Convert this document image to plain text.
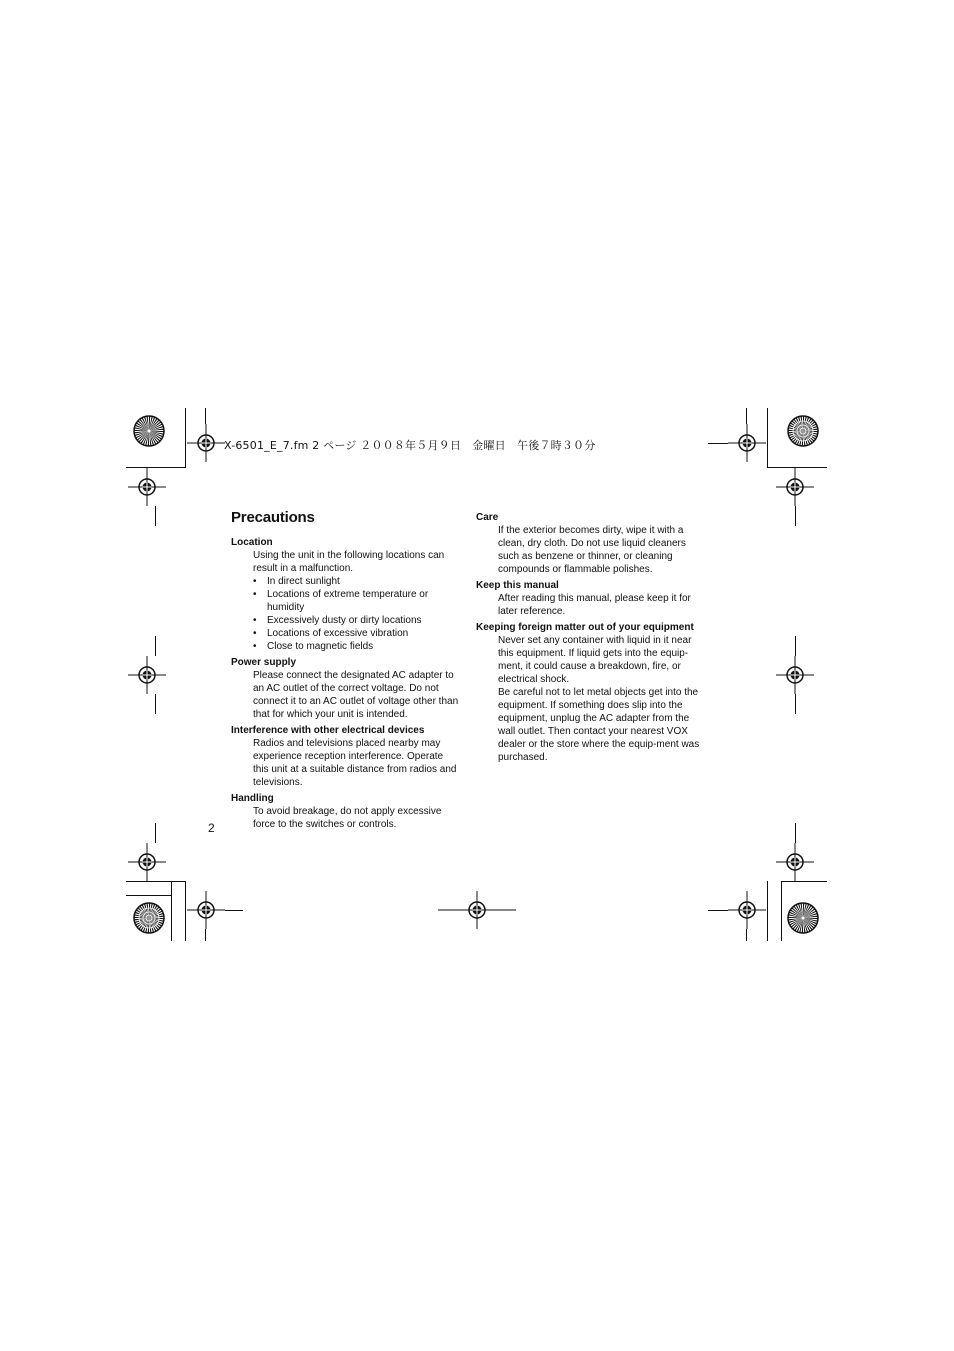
X-6501_E_7.fm 2 ページ ２００８年５月９日　金曜日　午後７時３０分
Precautions

Location

Using the unit in the following locations can result in a malfunction.

• In direct sunlight
• Locations of extreme temperature or humidity
• Excessively dusty or dirty locations
• Locations of excessive vibration
• Close to magnetic fields

Power supply

Please connect the designated AC adapter to an AC outlet of the correct voltage. Do not connect it to an AC outlet of voltage other than that for which your unit is intended.

Interference with other electrical devices

Radios and televisions placed nearby may experience reception interference. Operate this unit at a suitable distance from radios and televisions.

Handling

To avoid breakage, do not apply excessive force to the switches or controls.

Care

If the exterior becomes dirty, wipe it with a clean, dry cloth. Do not use liquid cleaners such as benzene or thinner, or cleaning compounds or flammable polishes.

Keep this manual

After reading this manual, please keep it for later reference.

Keeping foreign matter out of your equipment

Never set any container with liquid in it near this equipment. If liquid gets into the equip-ment, it could cause a breakdown, fire, or electrical shock.

Be careful not to let metal objects get into the equipment. If something does slip into the equipment, unplug the AC adapter from the wall outlet. Then contact your nearest VOX dealer or the store where the equip-ment was purchased.

2
